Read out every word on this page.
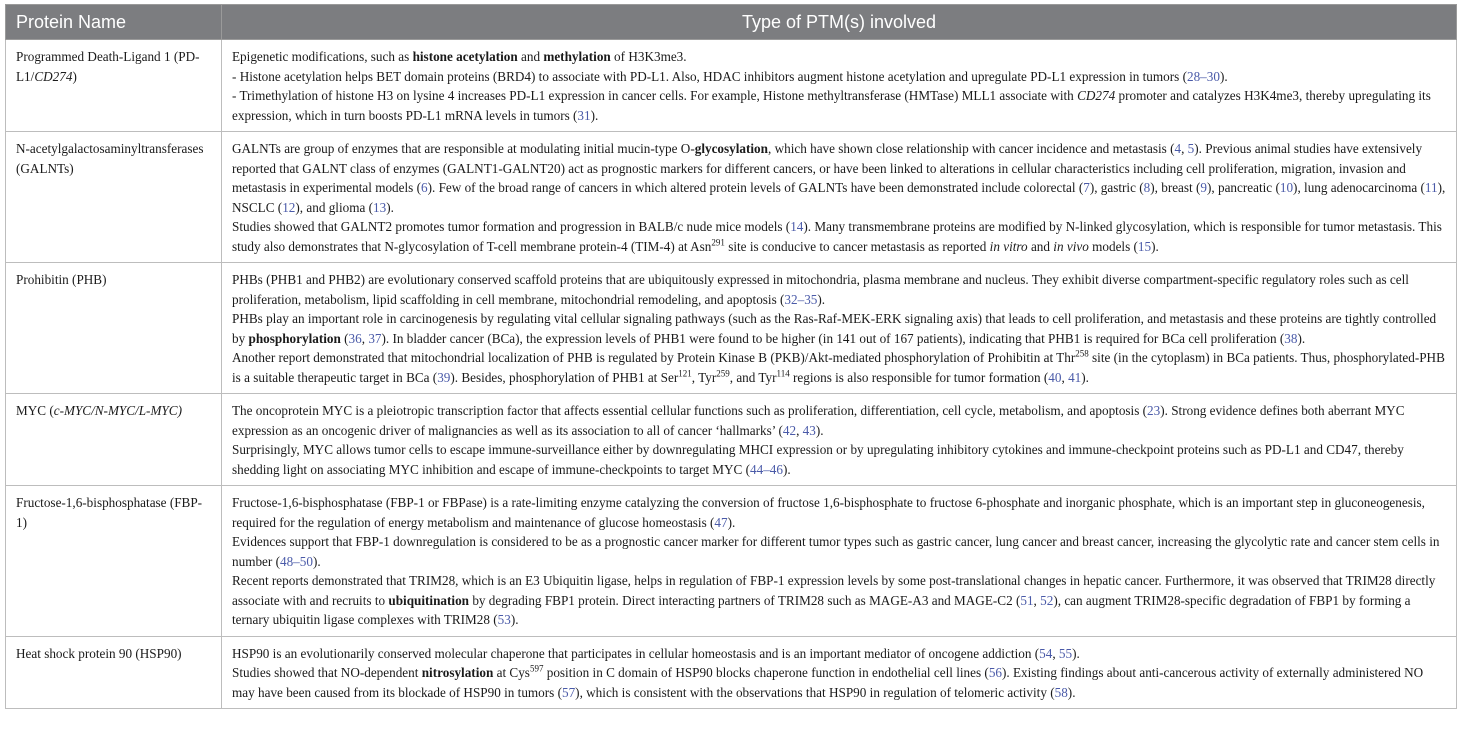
Protein Name	Type of PTM(s) involved
Programmed Death-Ligand 1 (PD-L1/CD274)	Epigenetic modifications, such as histone acetylation and methylation of H3K3me3.
- Histone acetylation helps BET domain proteins (BRD4) to associate with PD-L1. Also, HDAC inhibitors augment histone acetylation and upregulate PD-L1 expression in tumors (28–30).
- Trimethylation of histone H3 on lysine 4 increases PD-L1 expression in cancer cells. For example, Histone methyltransferase (HMTase) MLL1 associate with CD274 promoter and catalyzes H3K4me3, thereby upregulating its expression, which in turn boosts PD-L1 mRNA levels in tumors (31).

N-acetylgalactosaminyltransferases (GALNTs)	GALNTs are group of enzymes that are responsible at modulating initial mucin-type O-glycosylation, which have shown close relationship with cancer incidence and metastasis (4, 5). Previous animal studies have extensively reported that GALNT class of enzymes (GALNT1-GALNT20) act as prognostic markers for different cancers, or have been linked to alterations in cellular characteristics including cell proliferation, migration, invasion and metastasis in experimental models (6). Few of the broad range of cancers in which altered protein levels of GALNTs have been demonstrated include colorectal (7), gastric (8), breast (9), pancreatic (10), lung adenocarcinoma (11), NSCLC (12), and glioma (13).
Studies showed that GALNT2 promotes tumor formation and progression in BALB/c nude mice models (14). Many transmembrane proteins are modified by N-linked glycosylation, which is responsible for tumor metastasis. This study also demonstrates that N-glycosylation of T-cell membrane protein-4 (TIM-4) at Asn$^{291}$ site is conducive to cancer metastasis as reported in vitro and in vivo models (15).

Prohibitin (PHB)	PHBs (PHB1 and PHB2) are evolutionary conserved scaffold proteins that are ubiquitously expressed in mitochondria, plasma membrane and nucleus. They exhibit diverse compartment-specific regulatory roles such as cell proliferation, metabolism, lipid scaffolding in cell membrane, mitochondrial remodeling, and apoptosis (32–35).
PHBs play an important role in carcinogenesis by regulating vital cellular signaling pathways (such as the Ras-Raf-MEK-ERK signaling axis) that leads to cell proliferation, and metastasis and these proteins are tightly controlled by phosphorylation (36, 37). In bladder cancer (BCa), the expression levels of PHB1 were found to be higher (in 141 out of 167 patients), indicating that PHB1 is required for BCa cell proliferation (38).
Another report demonstrated that mitochondrial localization of PHB is regulated by Protein Kinase B (PKB)/Akt-mediated phosphorylation of Prohibitin at Thr$^{258}$ site (in the cytoplasm) in BCa patients. Thus, phosphorylated-PHB is a suitable therapeutic target in BCa (39). Besides, phosphorylation of PHB1 at Ser$^{121}$, Tyr$^{259}$, and Tyr$^{114}$ regions is also responsible for tumor formation (40, 41).

MYC (c-MYC/N-MYC/L-MYC)	The oncoprotein MYC is a pleiotropic transcription factor that affects essential cellular functions such as proliferation, differentiation, cell cycle, metabolism, and apoptosis (23). Strong evidence defines both aberrant MYC expression as an oncogenic driver of malignancies as well as its association to all of cancer ‘hallmarks’ (42, 43).
Surprisingly, MYC allows tumor cells to escape immune-surveillance either by downregulating MHCI expression or by upregulating inhibitory cytokines and immune-checkpoint proteins such as PD-L1 and CD47, thereby shedding light on associating MYC inhibition and escape of immune-checkpoints to target MYC (44–46).

Fructose-1,6-bisphosphatase (FBP-1)	Fructose-1,6-bisphosphatase (FBP-1 or FBPase) is a rate-limiting enzyme catalyzing the conversion of fructose 1,6-bisphosphate to fructose 6-phosphate and inorganic phosphate, which is an important step in gluconeogenesis, required for the regulation of energy metabolism and maintenance of glucose homeostasis (47).
Evidences support that FBP-1 downregulation is considered to be as a prognostic cancer marker for different tumor types such as gastric cancer, lung cancer and breast cancer, increasing the glycolytic rate and cancer stem cells in number (48–50).
Recent reports demonstrated that TRIM28, which is an E3 Ubiquitin ligase, helps in regulation of FBP-1 expression levels by some post-translational changes in hepatic cancer. Furthermore, it was observed that TRIM28 directly associate with and recruits to ubiquitination by degrading FBP1 protein. Direct interacting partners of TRIM28 such as MAGE-A3 and MAGE-C2 (51, 52), can augment TRIM28-specific degradation of FBP1 by forming a ternary ubiquitin ligase complexes with TRIM28 (53).

Heat shock protein 90 (HSP90)	HSP90 is an evolutionarily conserved molecular chaperone that participates in cellular homeostasis and is an important mediator of oncogene addiction (54, 55).
Studies showed that NO-dependent nitrosylation at Cys$^{597}$ position in C domain of HSP90 blocks chaperone function in endothelial cell lines (56). Existing findings about anti-cancerous activity of externally administered NO may have been caused from its blockade of HSP90 in tumors (57), which is consistent with the observations that HSP90 in regulation of telomeric activity (58).
